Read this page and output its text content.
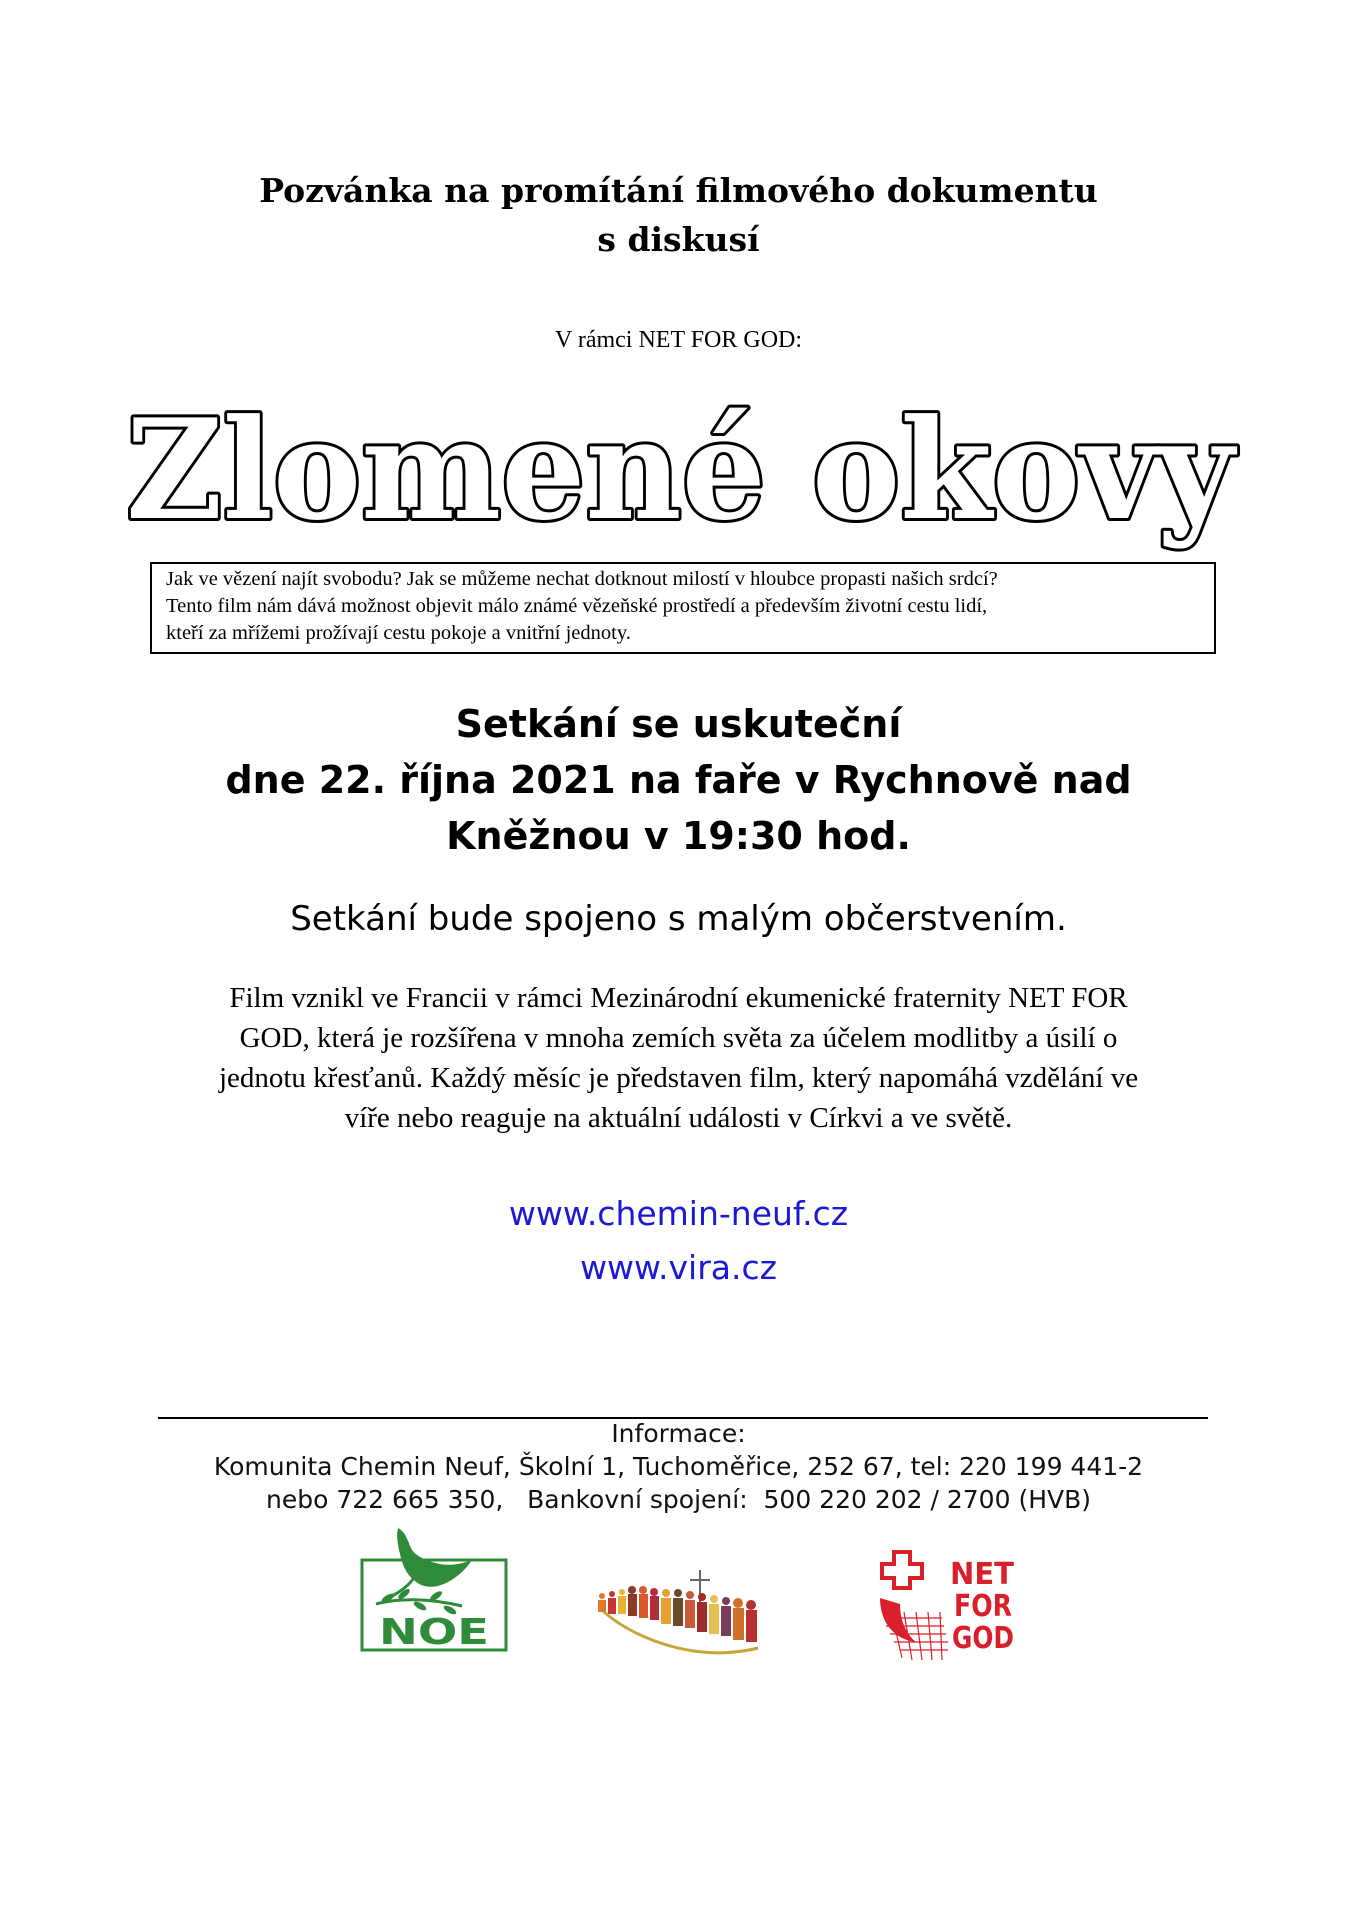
Pozvánka na promítání filmového dokumentu
s diskusí
V rámci NET FOR GOD:
Zlomené okovy
Jak ve vězení najít svobodu? Jak se můžeme nechat dotknout milostí v hloubce propasti našich srdcí?
Tento film nám dává možnost objevit málo známé vězeňské prostředí a především životní cestu lidí,
kteří za mřížemi prožívají cestu pokoje a vnitřní jednoty.
Setkání se uskuteční
dne 22. října 2021 na faře v Rychnově nad
Kněžnou v 19:30 hod.
Setkání bude spojeno s malým občerstvením.
Film vznikl ve Francii v rámci Mezinárodní ekumenické fraternity NET FOR
GOD, která je rozšířena v mnoha zemích světa za účelem modlitby a úsilí o
jednotu křesťanů. Každý měsíc je představen film, který napomáhá vzdělání ve
víře nebo reaguje na aktuální události v Církvi a ve světě.
www.chemin-neuf.cz
www.vira.cz
Informace:
Komunita Chemin Neuf, Školní 1, Tuchoměřice, 252 67, tel: 220 199 441-2
nebo 722 665 350,   Bankovní spojení:  500 220 202 / 2700 (HVB)
NOE
NET
FOR
GOD
